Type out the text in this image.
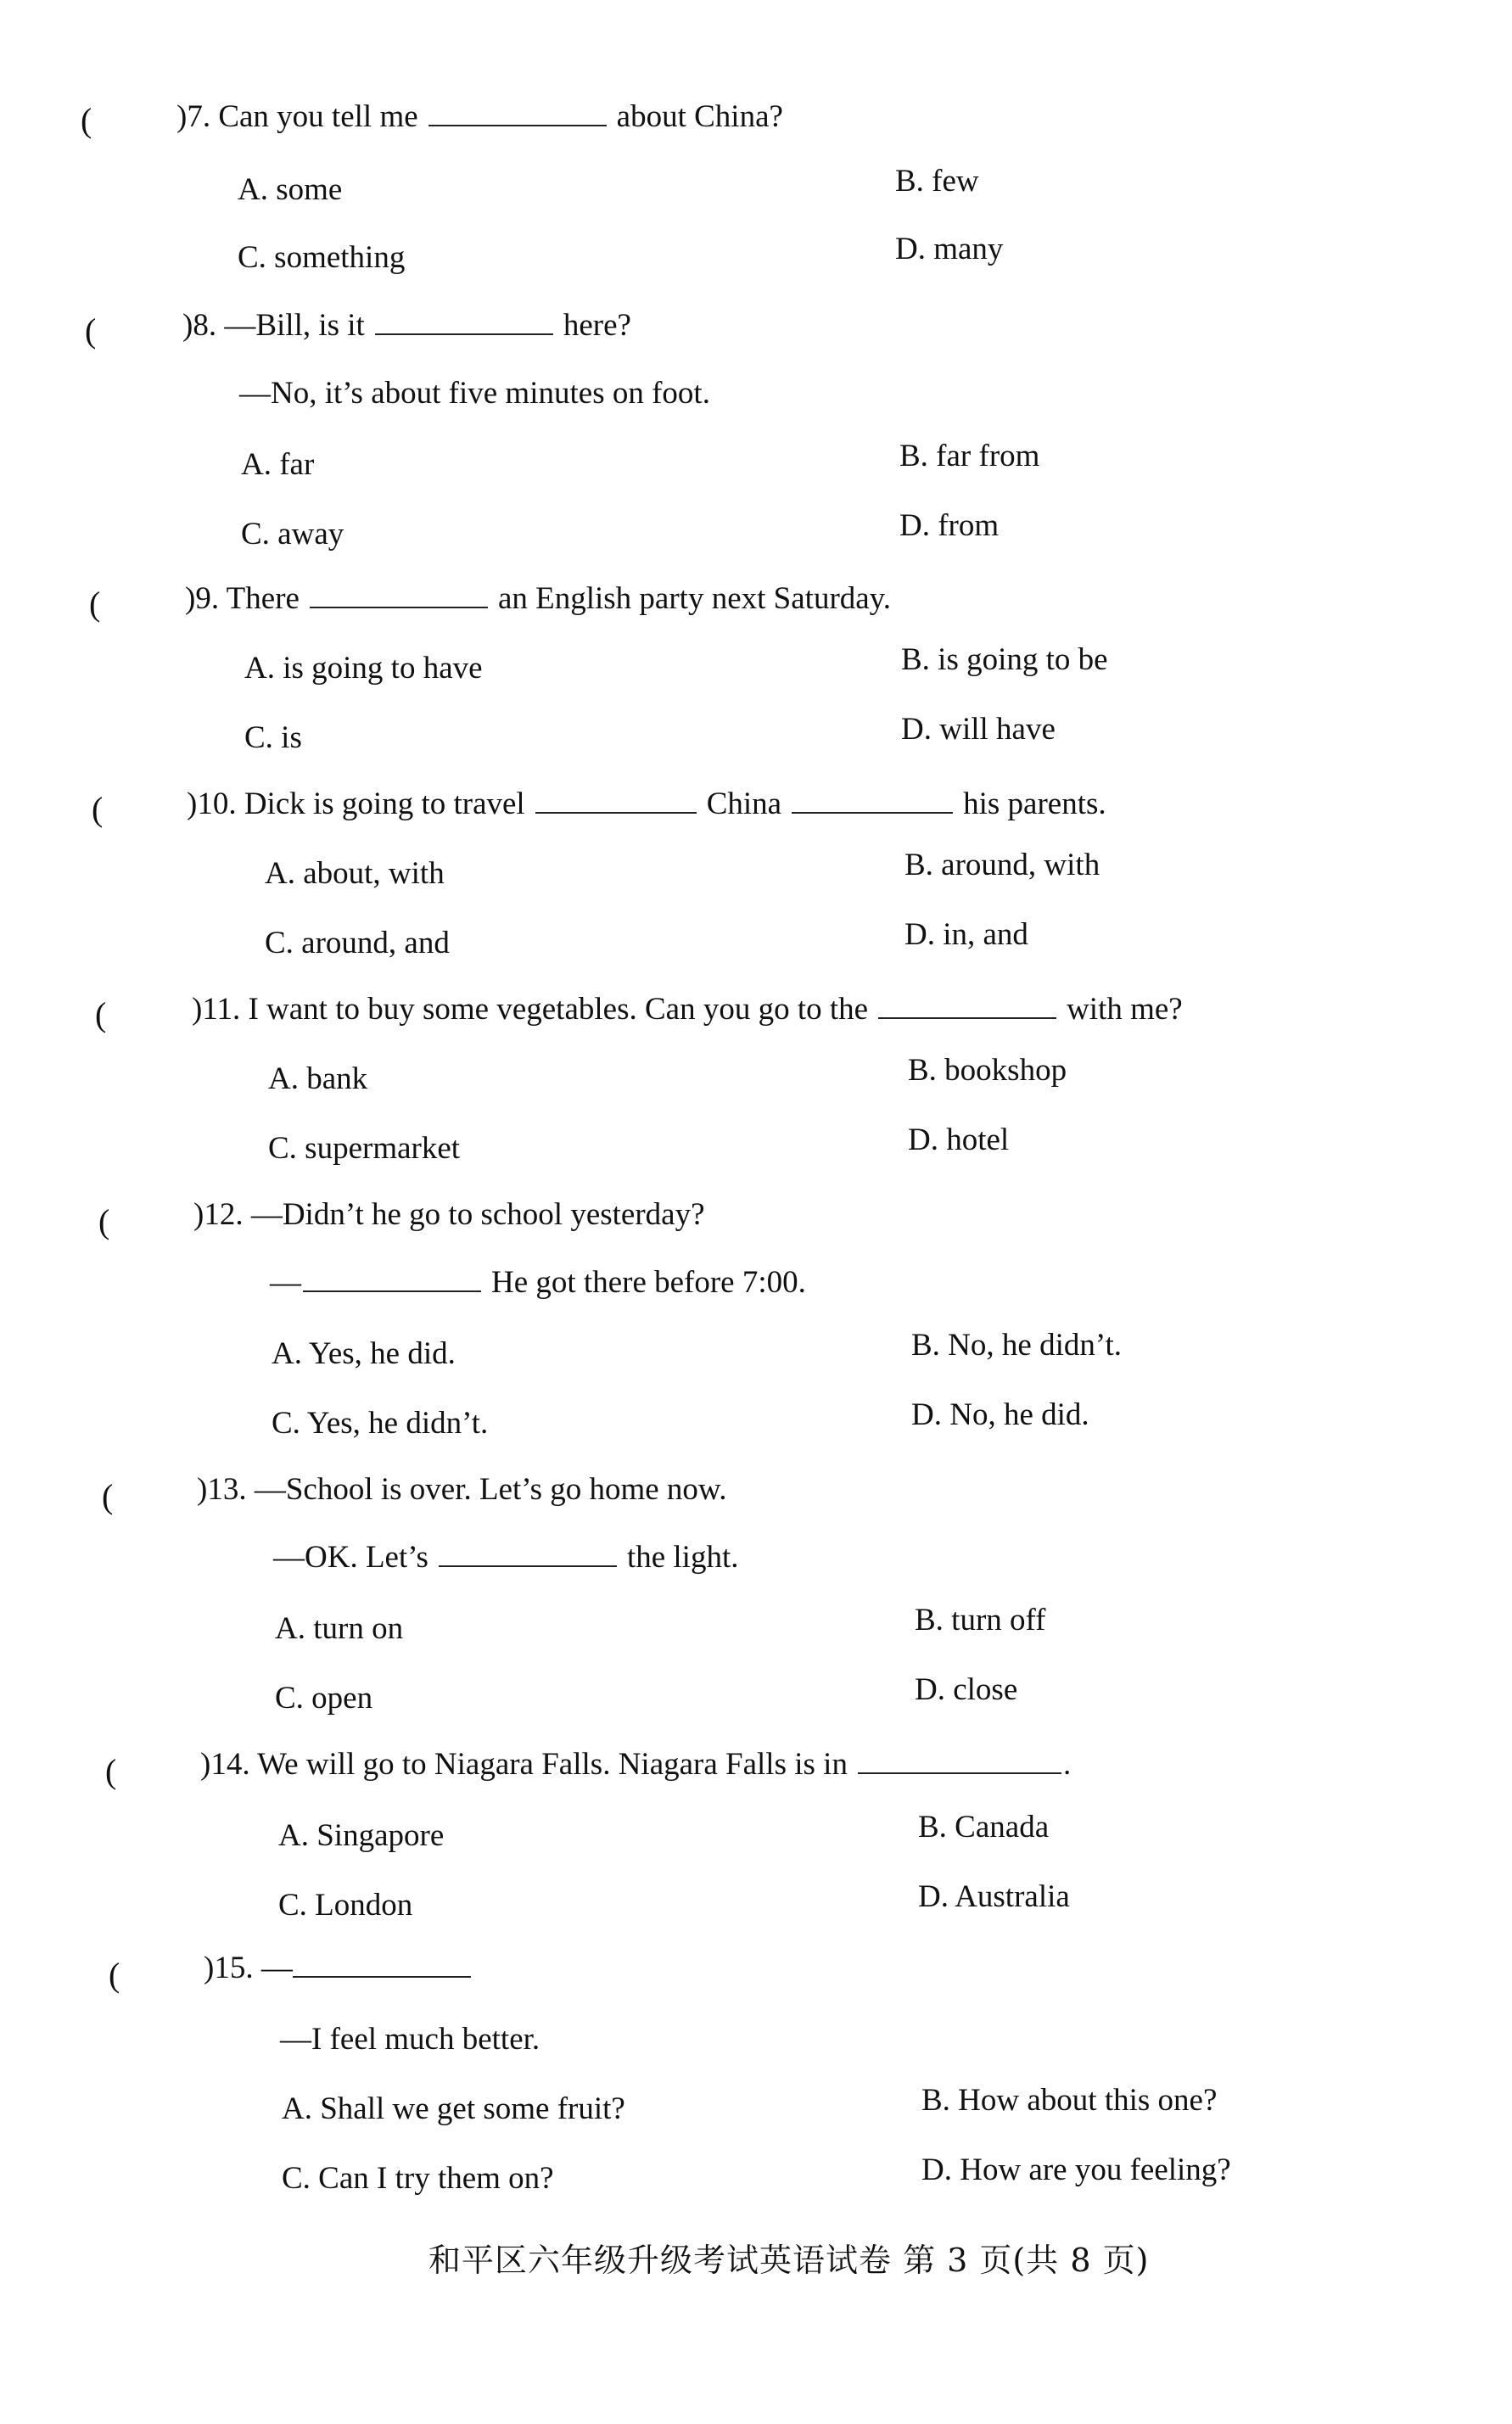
(	)7. Can you tell me	about China?
A. some	B. few
C. something	D. many
(	)8. —Bill, is it	here?
—No, it’s about five minutes on foot.
A. far	B. far from
C. away	D. from
(	)9. There	an English party next Saturday.
A. is going to have	B. is going to be
C. is	D. will have
(	)10. Dick is going to travel	China	his parents.
A. about, with	B. around, with
C. around, and	D. in, and
(	)11. I want to buy some vegetables. Can you go to the	with me?
A. bank	B. bookshop
C. supermarket	D. hotel
(	)12. —Didn’t he go to school yesterday?
—	He got there before 7:00.
A. Yes, he did.	B. No, he didn’t.
C. Yes, he didn’t.	D. No, he did.
(	)13. —School is over. Let’s go home now.
—OK. Let’s	the light.
A. turn on	B. turn off
C. open	D. close
(	)14. We will go to Niagara Falls. Niagara Falls is in	.
A. Singapore	B. Canada
C. London	D. Australia
(	)15. —
—I feel much better.
A. Shall we get some fruit?	B. How about this one?
C. Can I try them on?	D. How are you feeling?
和平区六年级升级考试英语试卷 第 3 页(共 8 页)
